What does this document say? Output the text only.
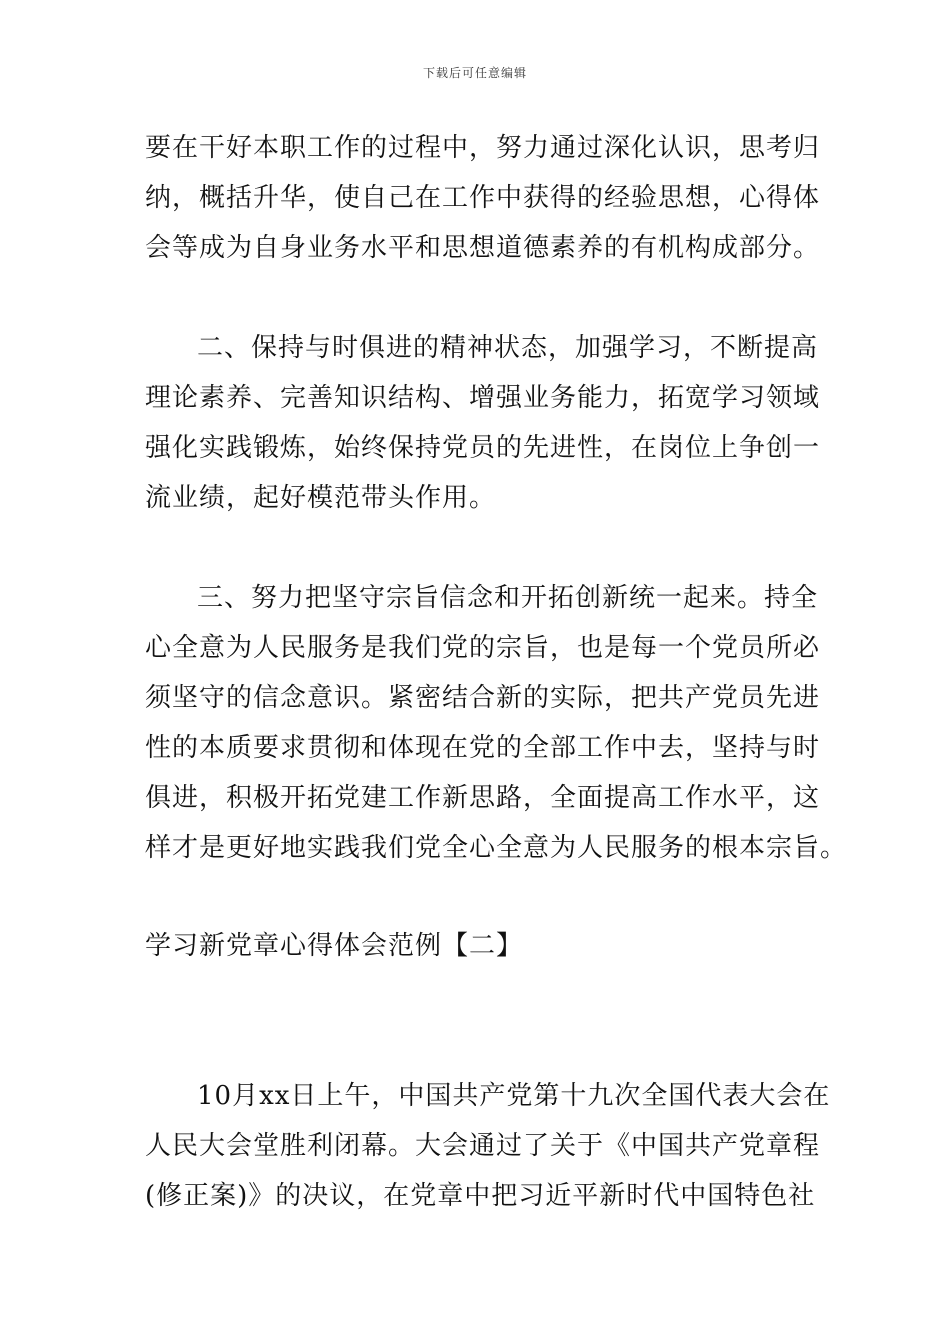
下载后可任意编辑
要在干好本职工作的过程中，努力通过深化认识，思考归
纳，概括升华，使自己在工作中获得的经验思想，心得体
会等成为自身业务水平和思想道德素养的有机构成部分。
二、保持与时俱进的精神状态，加强学习，不断提高
理论素养、完善知识结构、增强业务能力，拓宽学习领域
强化实践锻炼，始终保持党员的先进性，在岗位上争创一
流业绩，起好模范带头作用。
三、努力把坚守宗旨信念和开拓创新统一起来。持全
心全意为人民服务是我们党的宗旨，也是每一个党员所必
须坚守的信念意识。紧密结合新的实际，把共产党员先进
性的本质要求贯彻和体现在党的全部工作中去，坚持与时
俱进，积极开拓党建工作新思路，全面提高工作水平，这
样才是更好地实践我们党全心全意为人民服务的根本宗旨。
学习新党章心得体会范例【二】
10月xx日上午，中国共产党第十九次全国代表大会在
人民大会堂胜利闭幕。大会通过了关于《中国共产党章程
(修正案)》的决议，在党章中把习近平新时代中国特色社
